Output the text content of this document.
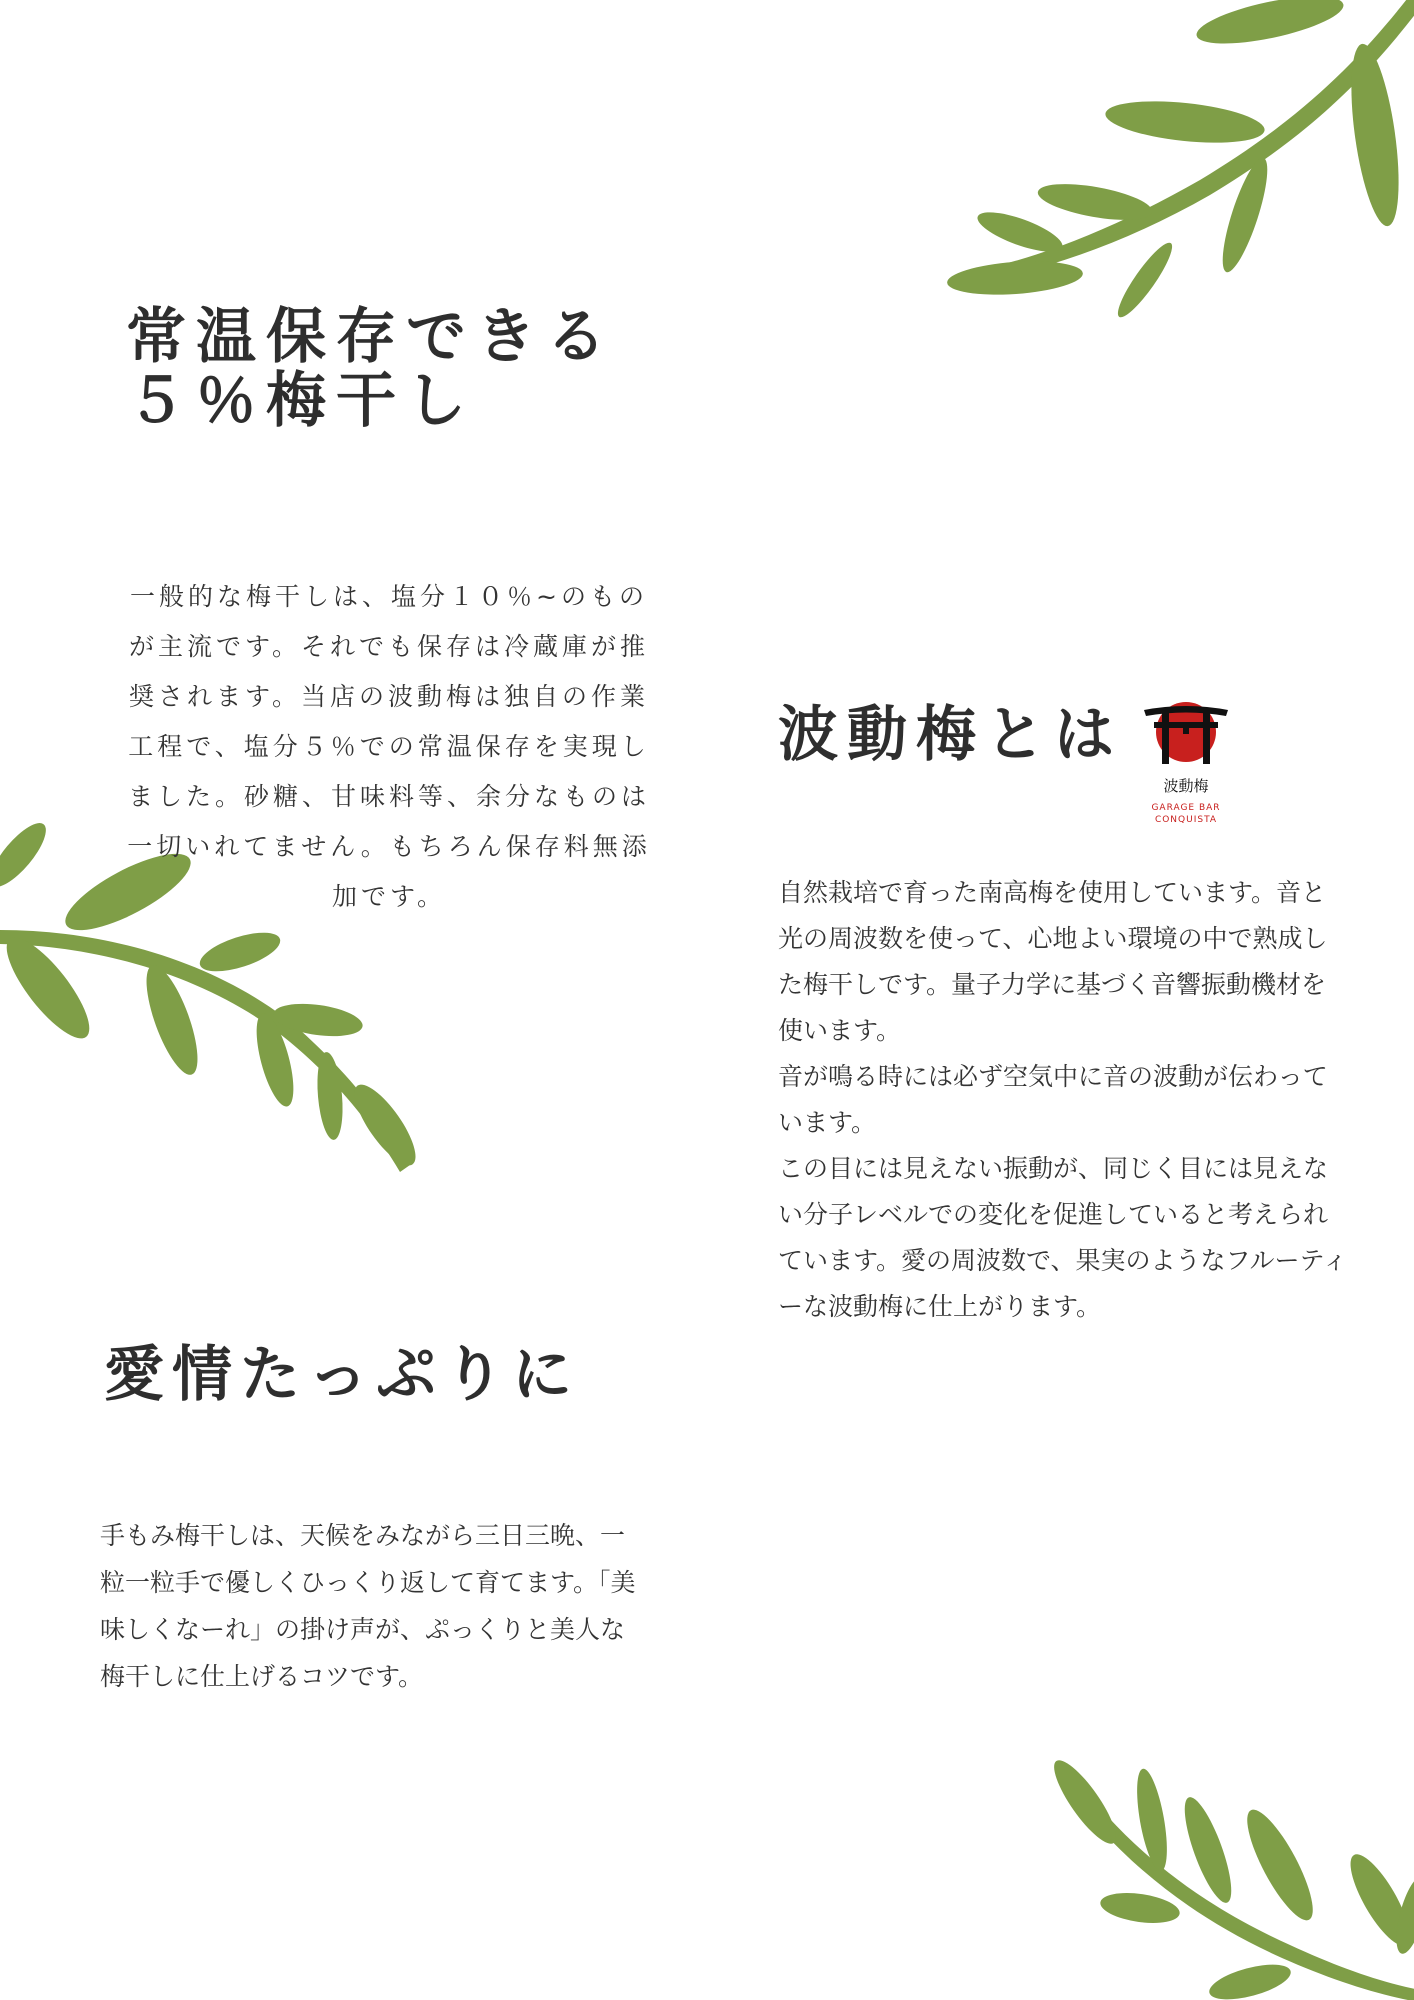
常温保存できる
５％梅干し

一般的な梅干しは、塩分１０％~のものが主流です。それでも保存は冷蔵庫が推奨されます。当店の波動梅は独自の作業工程で、塩分５％での常温保存を実現しました。砂糖、甘味料等、余分なものは一切いれてません。もちろん保存料無添加です。

波動梅とは
波動梅
GARAGE BAR
CONQUISTA

自然栽培で育った南高梅を使用しています。音と光の周波数を使って、心地よい環境の中で熟成した梅干しです。量子力学に基づく音響振動機材を使います。

音が鳴る時には必ず空気中に音の波動が伝わっています。

この目には見えない振動が、同じく目には見えない分子レベルでの変化を促進していると考えられています。愛の周波数で、果実のようなフルーティーな波動梅に仕上がります。

愛情たっぷりに

手もみ梅干しは、天候をみながら三日三晩、一粒一粒手で優しくひっくり返して育てます。「美味しくなーれ」の掛け声が、ぷっくりと美人な梅干しに仕上げるコツです。
